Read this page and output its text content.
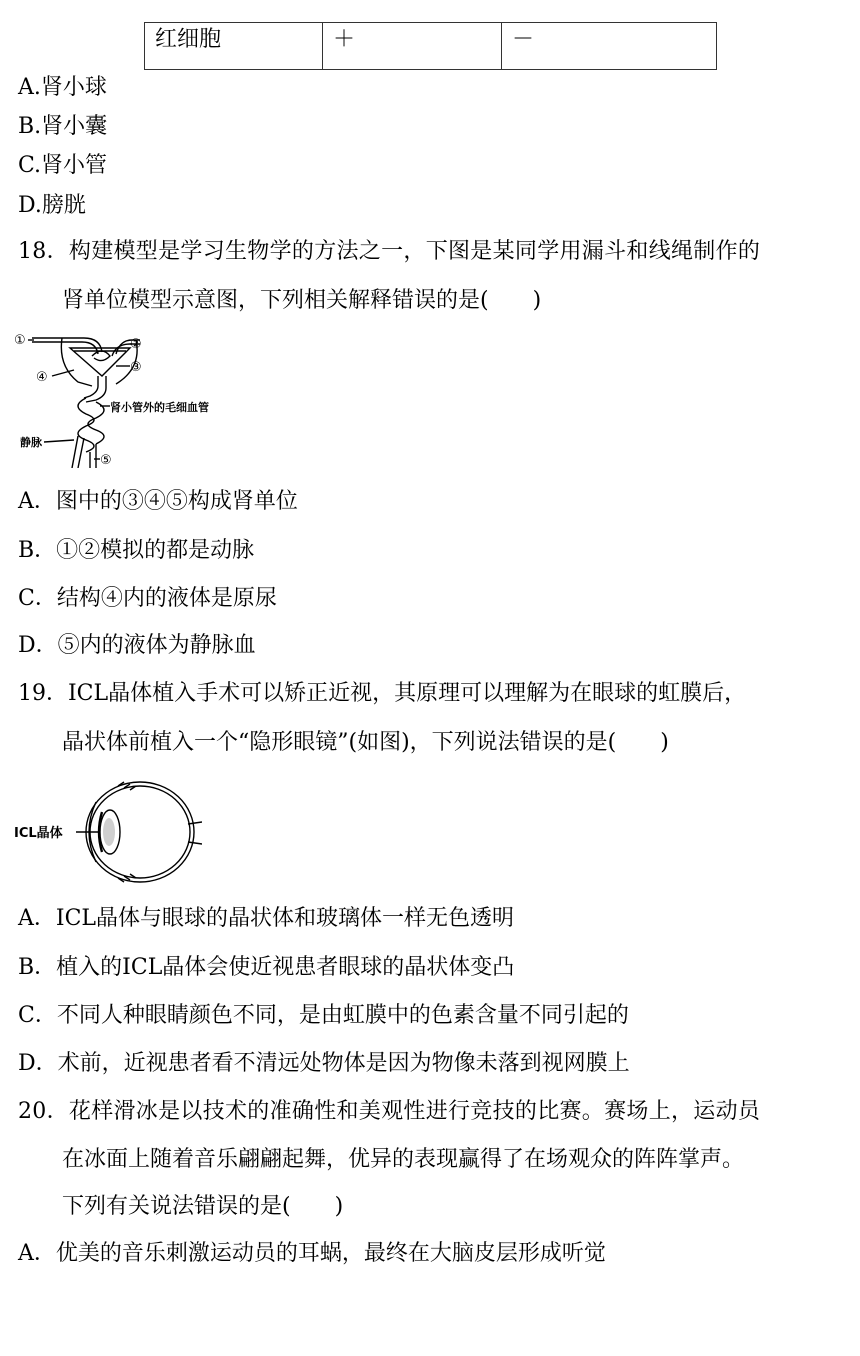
红细胞	＋	－
A.肾小球
B.肾小囊
C.肾小管
D.膀胱
18．构建模型是学习生物学的方法之一，下图是某同学用漏斗和线绳制作的
肾单位模型示意图，下列相关解释错误的是(　　)
①	②
③
④
肾小管外的毛细血管
静脉
⑤
A．图中的③④⑤构成肾单位
B．①②模拟的都是动脉
C．结构④内的液体是原尿
D．⑤内的液体为静脉血
19．ICL晶体植入手术可以矫正近视，其原理可以理解为在眼球的虹膜后，
晶状体前植入一个“隐形眼镜”(如图)，下列说法错误的是(　　)
ICL晶体
A．ICL晶体与眼球的晶状体和玻璃体一样无色透明
B．植入的ICL晶体会使近视患者眼球的晶状体变凸
C．不同人种眼睛颜色不同，是由虹膜中的色素含量不同引起的
D．术前，近视患者看不清远处物体是因为物像未落到视网膜上
20．花样滑冰是以技术的准确性和美观性进行竞技的比赛。赛场上，运动员
在冰面上随着音乐翩翩起舞，优异的表现赢得了在场观众的阵阵掌声。
下列有关说法错误的是(　　)
A．优美的音乐刺激运动员的耳蜗，最终在大脑皮层形成听觉
